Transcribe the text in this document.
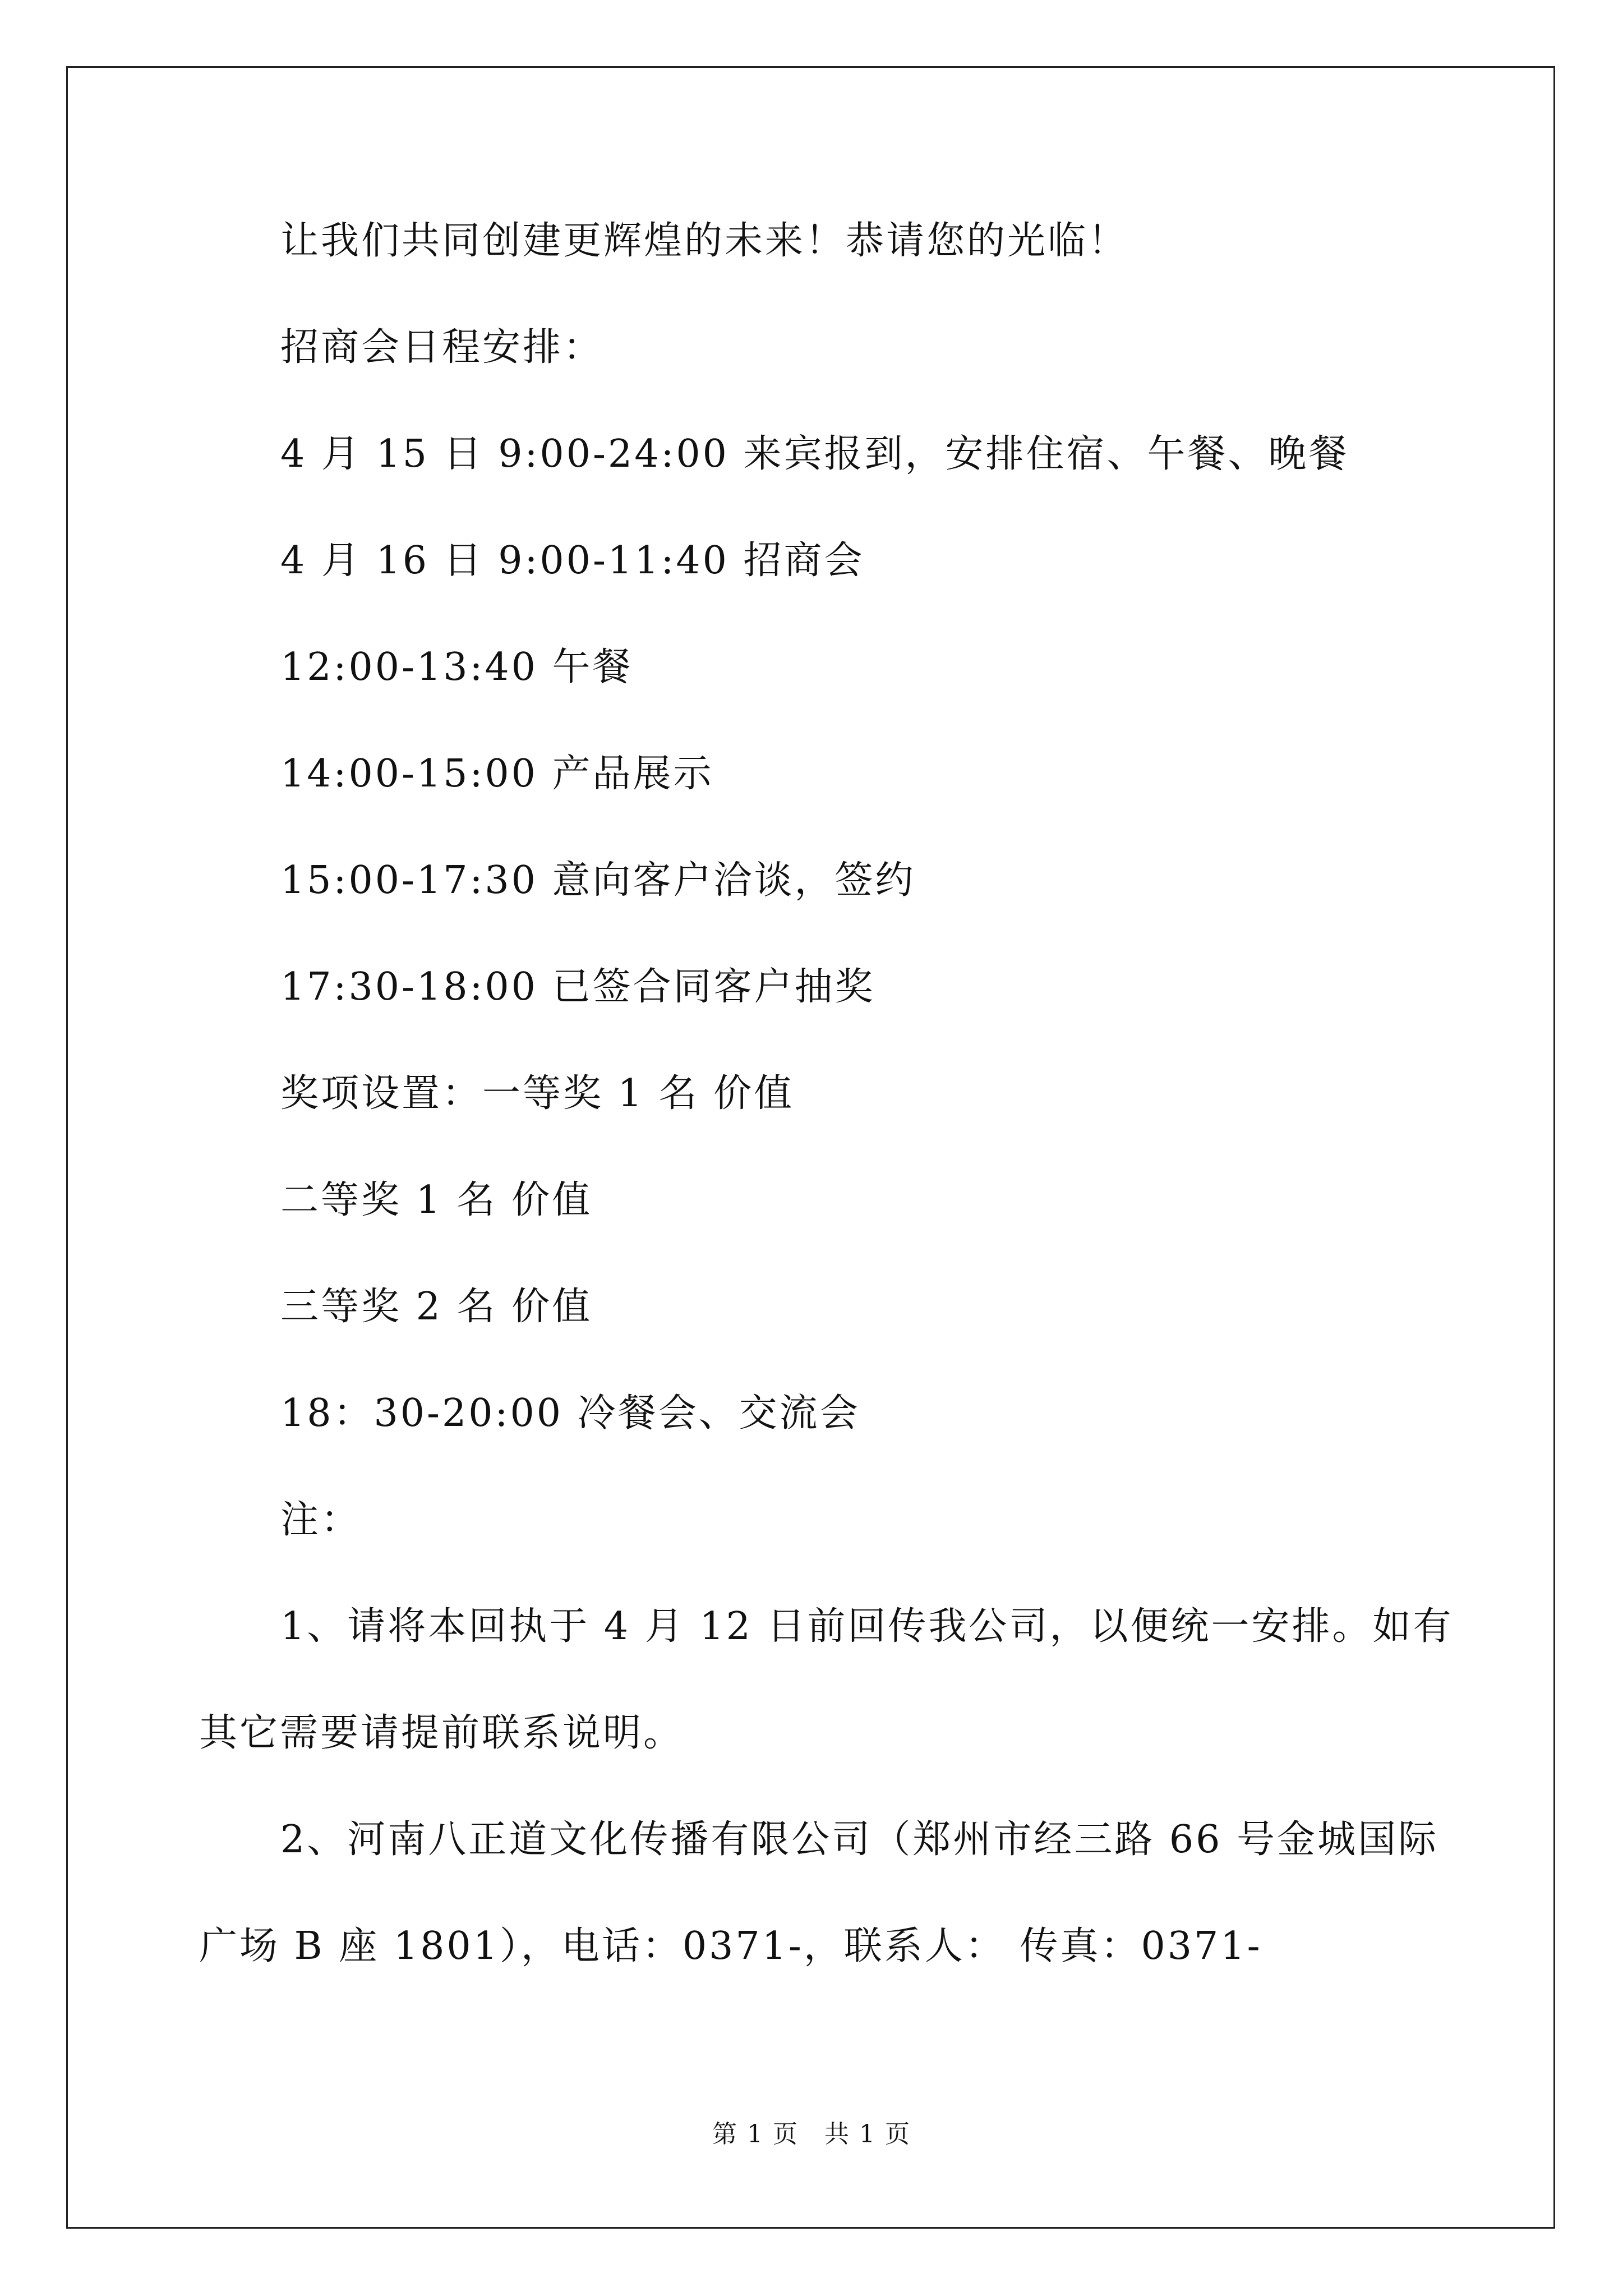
让我们共同创建更辉煌的未来！恭请您的光临！

招商会日程安排：

4 月 15 日 9:00-24:00 来宾报到，安排住宿、午餐、晚餐

4 月 16 日 9:00-11:40 招商会

12:00-13:40 午餐

14:00-15:00 产品展示

15:00-17:30 意向客户洽谈，签约

17:30-18:00 已签合同客户抽奖

奖项设置：一等奖 1 名 价值

二等奖 1 名 价值

三等奖 2 名 价值

18：30-20:00 冷餐会、交流会

注：

1、请将本回执于 4 月 12 日前回传我公司，以便统一安排。如有

其它需要请提前联系说明。

2、河南八正道文化传播有限公司（郑州市经三路 66 号金城国际

广场 B 座 1801），电话：0371-，联系人： 传真：0371-

第 1 页　共 1 页
